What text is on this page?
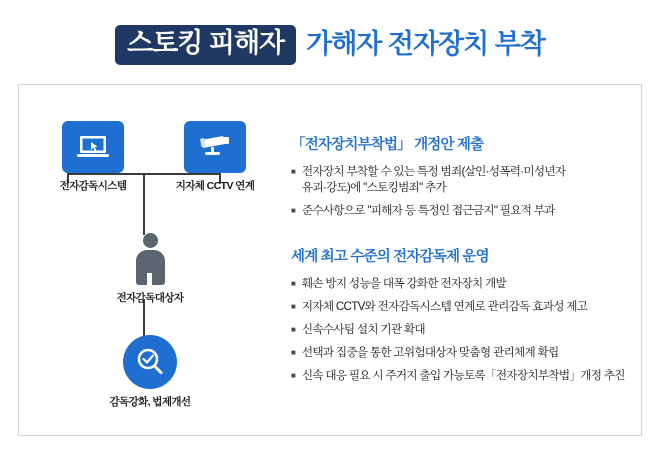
스토킹 피해자 가해자 전자장치 부착
전자감독시스템	지자체 CCTV 연계
전자감독대상자
감독강화, 법제개선
「전자장치부착법」 개정안 제출
■ 전자장치 부착할 수 있는 특정 범죄(살인·성폭력·미성년자
유괴·강도)에 "스토킹범죄" 추가
■ 준수사항으로 "피해자 등 특정인 접근금지" 필요적 부과
세계 최고 수준의 전자감독제 운영
■ 훼손 방지 성능을 대폭 강화한 전자장치 개발
■ 지자체 CCTV와 전자감독시스템 연계로 관리감독 효과성 제고
■ 신속수사팀 설치 기관 확대
■ 선택과 집중을 통한 고위험대상자 맞춤형 관리체계 확립
■ 신속 대응 필요 시 주거지 출입 가능토록「전자장치부착법」개정 추진
